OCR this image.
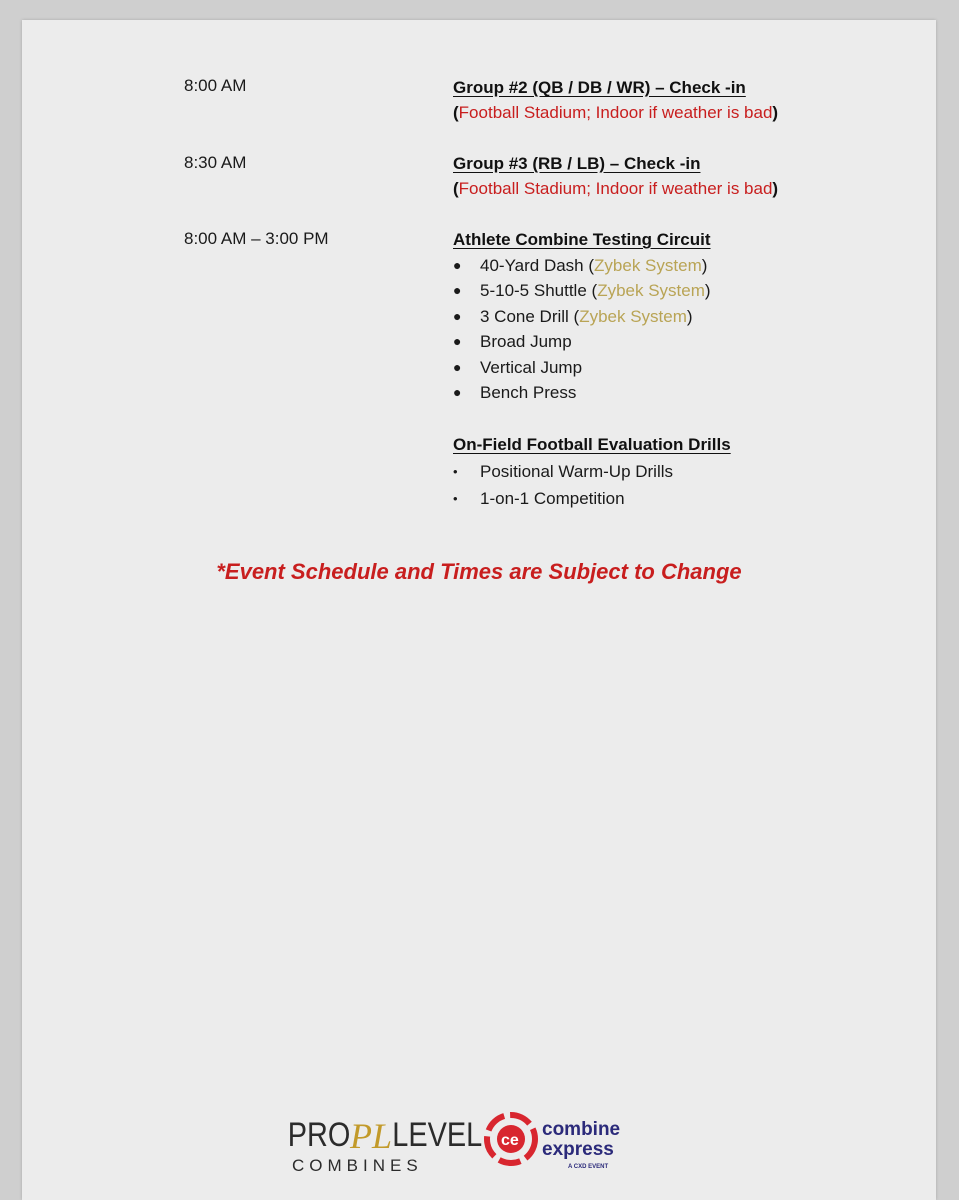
8:00 AM	Group #2 (QB / DB / WR) – Check -in
(Football Stadium; Indoor if weather is bad)
8:30 AM	Group #3 (RB / LB) – Check -in
(Football Stadium; Indoor if weather is bad)
8:00 AM – 3:00 PM	Athlete Combine Testing Circuit
● 40-Yard Dash (Zybek System)
● 5-10-5 Shuttle (Zybek System)
● 3 Cone Drill (Zybek System)
● Broad Jump
● Vertical Jump
● Bench Press
On-Field Football Evaluation Drills
• Positional Warm-Up Drills
• 1-on-1 Competition
*Event Schedule and Times are Subject to Change
PRO PL LEVEL
COMBINES
ce
combine
express
A CXD EVENT
